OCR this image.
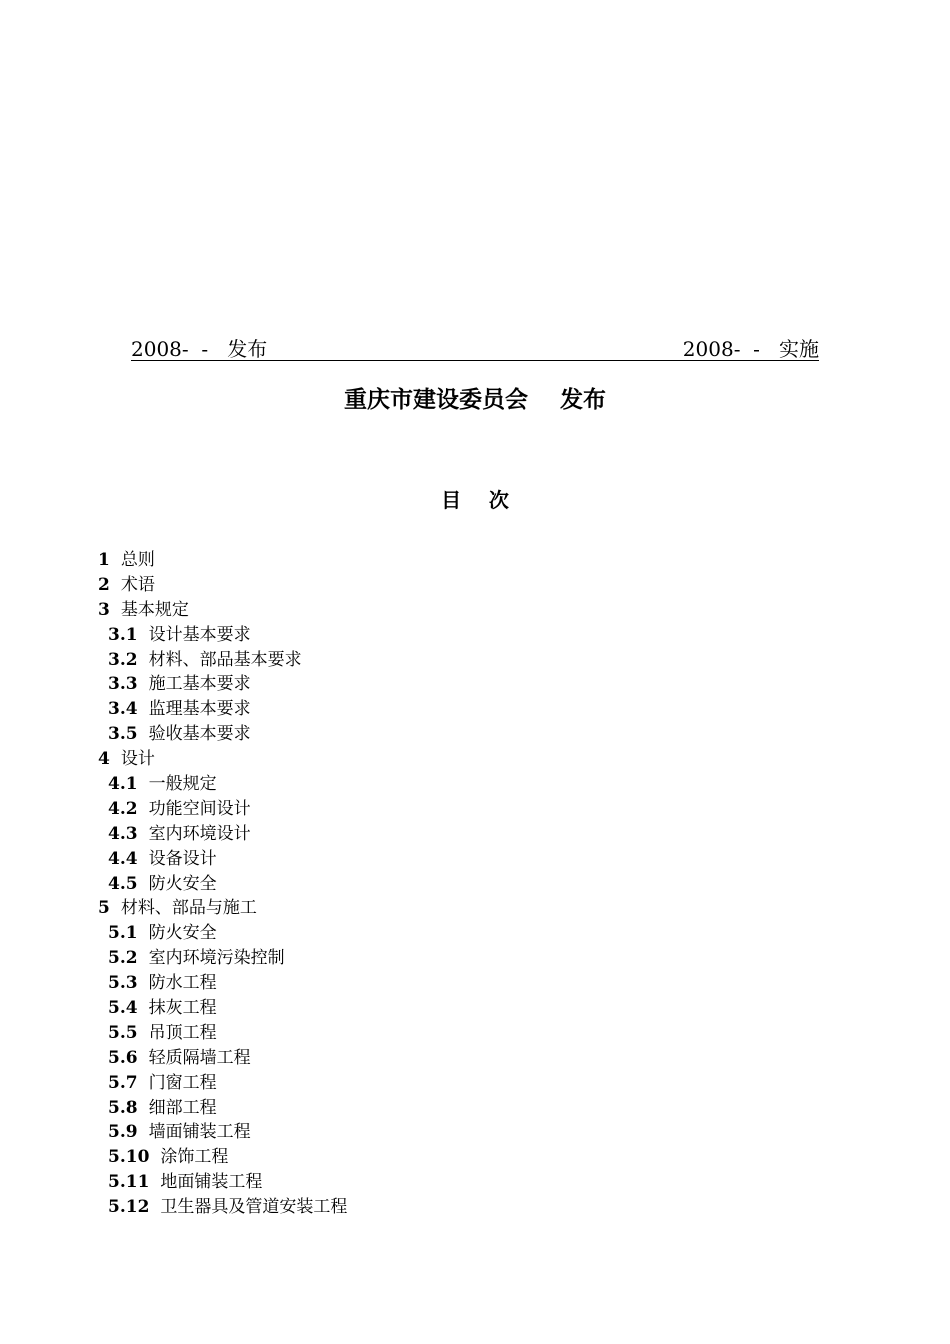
2008-  -   发布	2008-  -   实施
重庆市建设委员会    发布
目    次
1 总则
2 术语
3 基本规定
3.1 设计基本要求
3.2 材料、部品基本要求
3.3 施工基本要求
3.4 监理基本要求
3.5 验收基本要求
4 设计
4.1 一般规定
4.2 功能空间设计
4.3 室内环境设计
4.4 设备设计
4.5 防火安全
5 材料、部品与施工
5.1 防火安全
5.2 室内环境污染控制
5.3 防水工程
5.4 抹灰工程
5.5 吊顶工程
5.6 轻质隔墙工程
5.7 门窗工程
5.8 细部工程
5.9 墙面铺装工程
5.10 涂饰工程
5.11 地面铺装工程
5.12 卫生器具及管道安装工程
